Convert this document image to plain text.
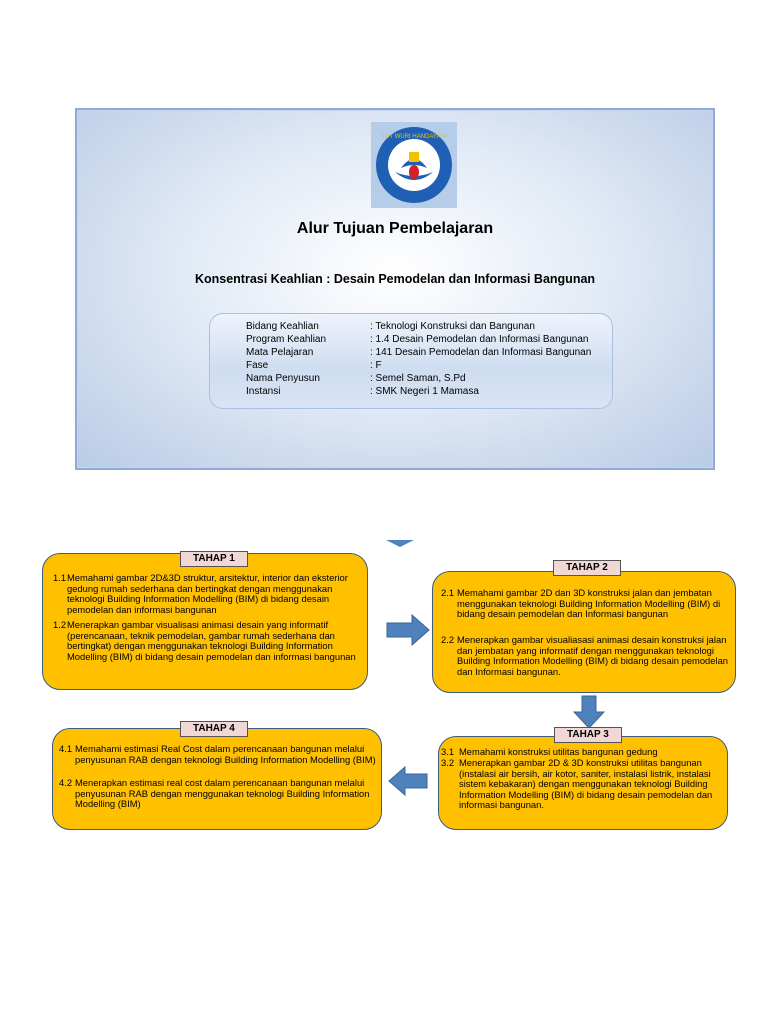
TUT WURI HANDAYANI
Alur Tujuan Pembelajaran
Konsentrasi Keahlian : Desain Pemodelan dan Informasi Bangunan
Bidang Keahlian	: Teknologi Konstruksi dan Bangunan
Program Keahlian	: 1.4 Desain Pemodelan dan Informasi Bangunan
Mata Pelajaran	: 141 Desain Pemodelan dan Informasi Bangunan
Fase	: F
Nama Penyusun	: Semel Saman, S.Pd
Instansi	: SMK Negeri 1 Mamasa
1.1 Memahami gambar 2D&3D struktur, arsitektur, interior dan eksterior gedung rumah sederhana dan bertingkat dengan menggunakan teknologi Building Information Modelling (BIM) di bidang desain pemodelan dan informasi bangunan
1.2 Menerapkan gambar visualisasi animasi desain yang informatif (perencanaan, teknik pemodelan, gambar rumah sederhana dan bertingkat) dengan menggunakan teknologi Building Information Modelling (BIM) di bidang desain pemodelan dan informasi bangunan
TAHAP 1
2.1 Memahami gambar 2D dan 3D konstruksi jalan dan jembatan menggunakan teknologi Building Information Modelling (BIM) di bidang desain pemodelan dan Informasi bangunan
2.2 Menerapkan gambar visualiasasi animasi desain konstruksi jalan dan jembatan yang informatif dengan menggunakan teknologi Building Information Modelling (BIM) di bidang desain pemodelan dan Informasi bangunan.
TAHAP 2
3.1 Memahami konstruksi utilitas bangunan gedung
3.2 Menerapkan gambar 2D & 3D konstruksi utilitas bangunan (instalasi air bersih, air kotor, saniter, instalasi listrik, instalasi sistem kebakaran) dengan menggunakan teknologi Building Information Modelling (BIM) di bidang desain pemodelan dan informasi bangunan.
TAHAP 3
4.1 Memahami estimasi Real Cost dalam perencanaan bangunan melalui penyusunan RAB dengan teknologi Building Information Modelling (BIM)
4.2 Menerapkan estimasi real cost dalam perencanaan bangunan melalui penyusunan RAB dengan menggunakan teknologi Building Information Modelling (BIM)
TAHAP 4
